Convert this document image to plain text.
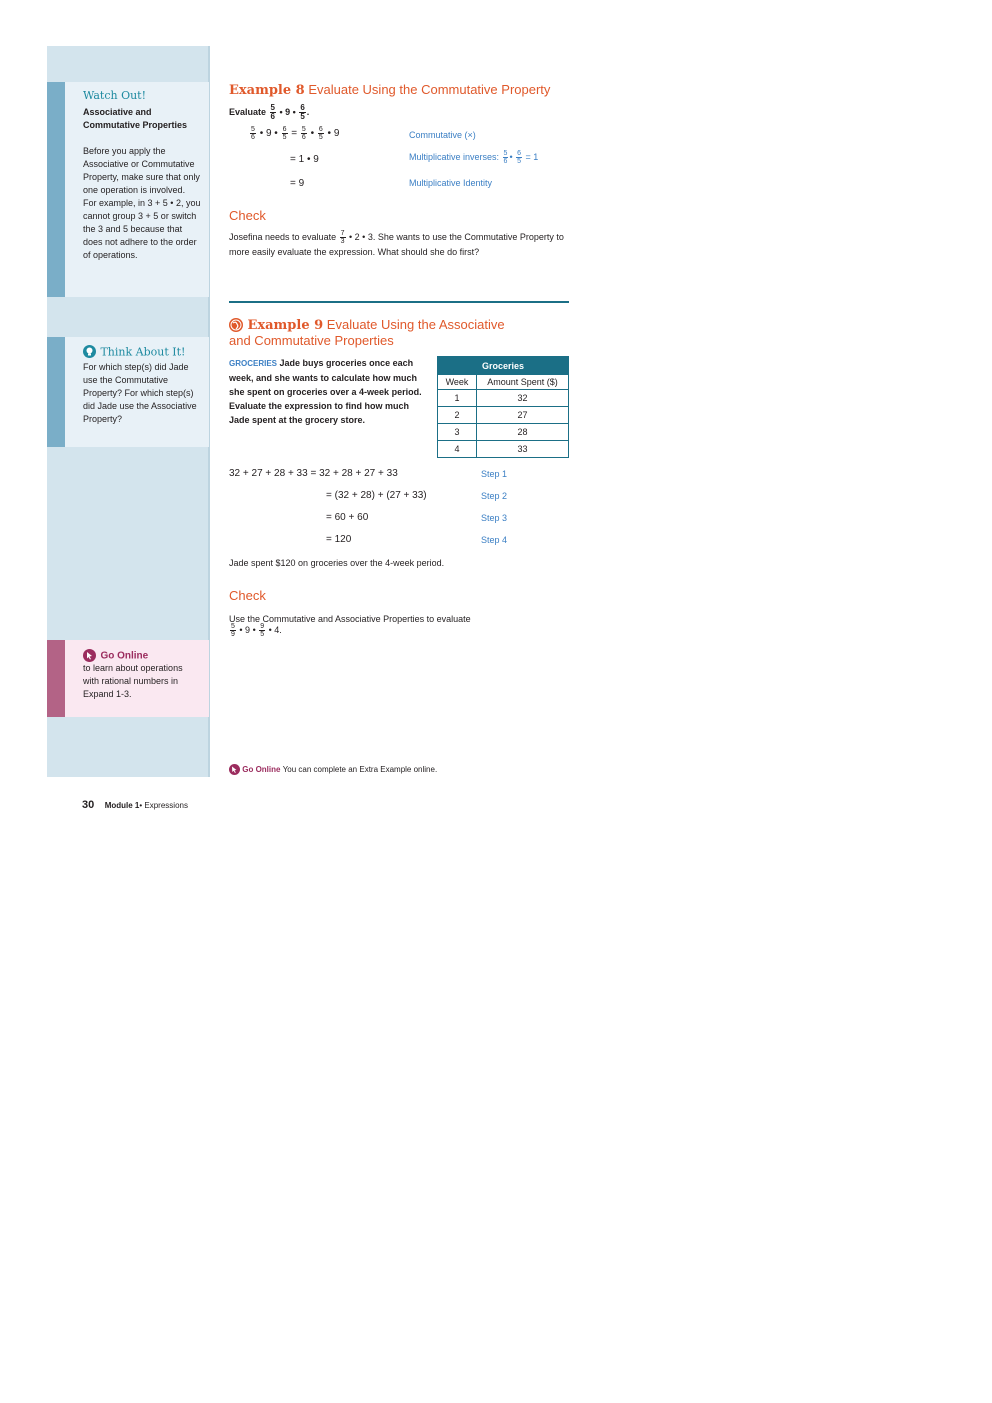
Watch Out!
Associative and Commutative Properties
Before you apply the Associative or Commutative Property, make sure that only one operation is involved. For example, in 3 + 5 • 2, you cannot group 3 + 5 or switch the 3 and 5 because that does not adhere to the order of operations.
Think About It!
For which step(s) did Jade use the Commutative Property? For which step(s) did Jade use the Associative Property?
Go Online
to learn about operations with rational numbers in Expand 1-3.
Example 8 Evaluate Using the Commutative Property
Evaluate $\frac{5}{6}$ • 9 • $\frac{6}{5}$ .
$\frac{5}{6}$ • 9 • $\frac{6}{5} = \frac{5}{6}$ • $\frac{6}{5}$ • 9	Commutative (×)
= 1 • 9	Multiplicative inverses: $\frac{5}{6}$ • $\frac{6}{5} = 1$
= 9	Multiplicative Identity
Check
Josefina needs to evaluate $\frac{7}{3}$ • 2 • 3. She wants to use the Commutative Property to more easily evaluate the expression. What should she do first?
Example 9 Evaluate Using the Associative
and Commutative Properties
GROCERIES Jade buys groceries once each week, and she wants to calculate how much she spent on groceries over a 4-week period. Evaluate the expression to find how much Jade spent at the grocery store.
Groceries	
Week	Amount Spent ($)
1	32
2	27
3	28
4	33
32 + 27 + 28 + 33 = 32 + 28 + 27 + 33	Step 1
= (32 + 28) + (27 + 33)	Step 2
= 60 + 60	Step 3
= 120	Step 4
Jade spent $120 on groceries over the 4-week period.
Check
Use the Commutative and Associative Properties to evaluate
$\frac{5}{9}$ • 9 • $\frac{9}{5}$ • 4.
Go Online You can complete an Extra Example online.
30 Module 1• Expressions
